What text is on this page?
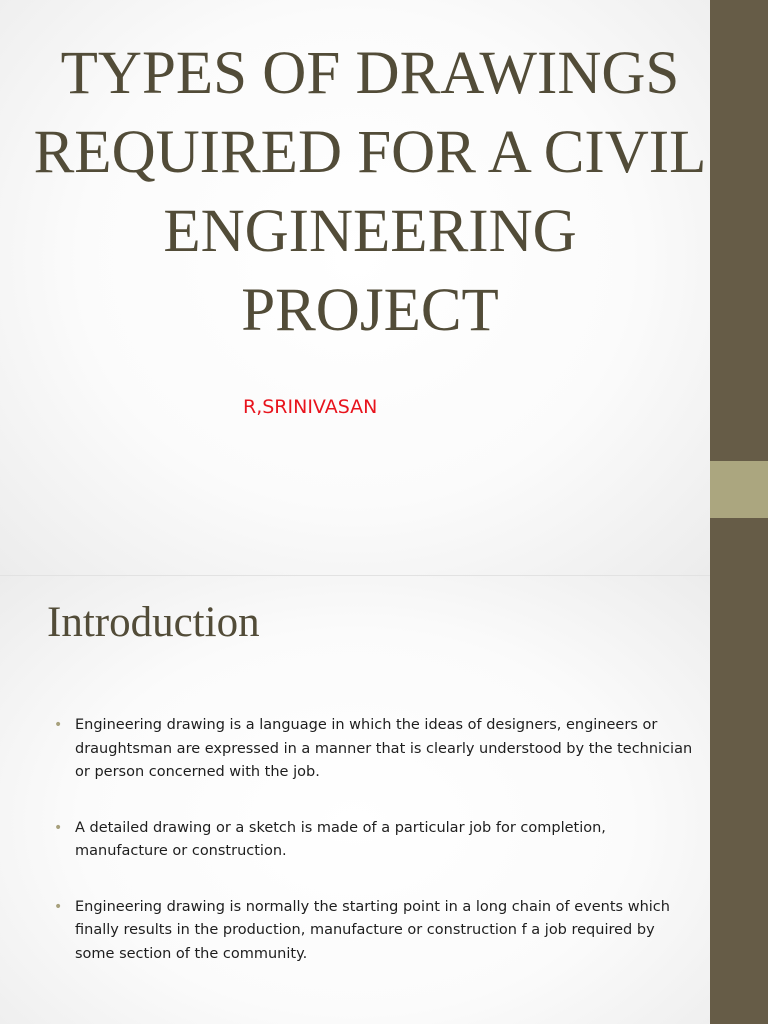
TYPES OF DRAWINGS REQUIRED FOR A CIVIL ENGINEERING PROJECT

R,SRINIVASAN

Introduction
• Engineering drawing is a language in which the ideas of designers, engineers or draughtsman are expressed in a manner that is clearly understood by the technician or person concerned with the job.
• A detailed drawing or a sketch is made of a particular job for completion, manufacture or construction.
• Engineering drawing is normally the starting point in a long chain of events which finally results in the production, manufacture or construction f a job required by some section of the community.
